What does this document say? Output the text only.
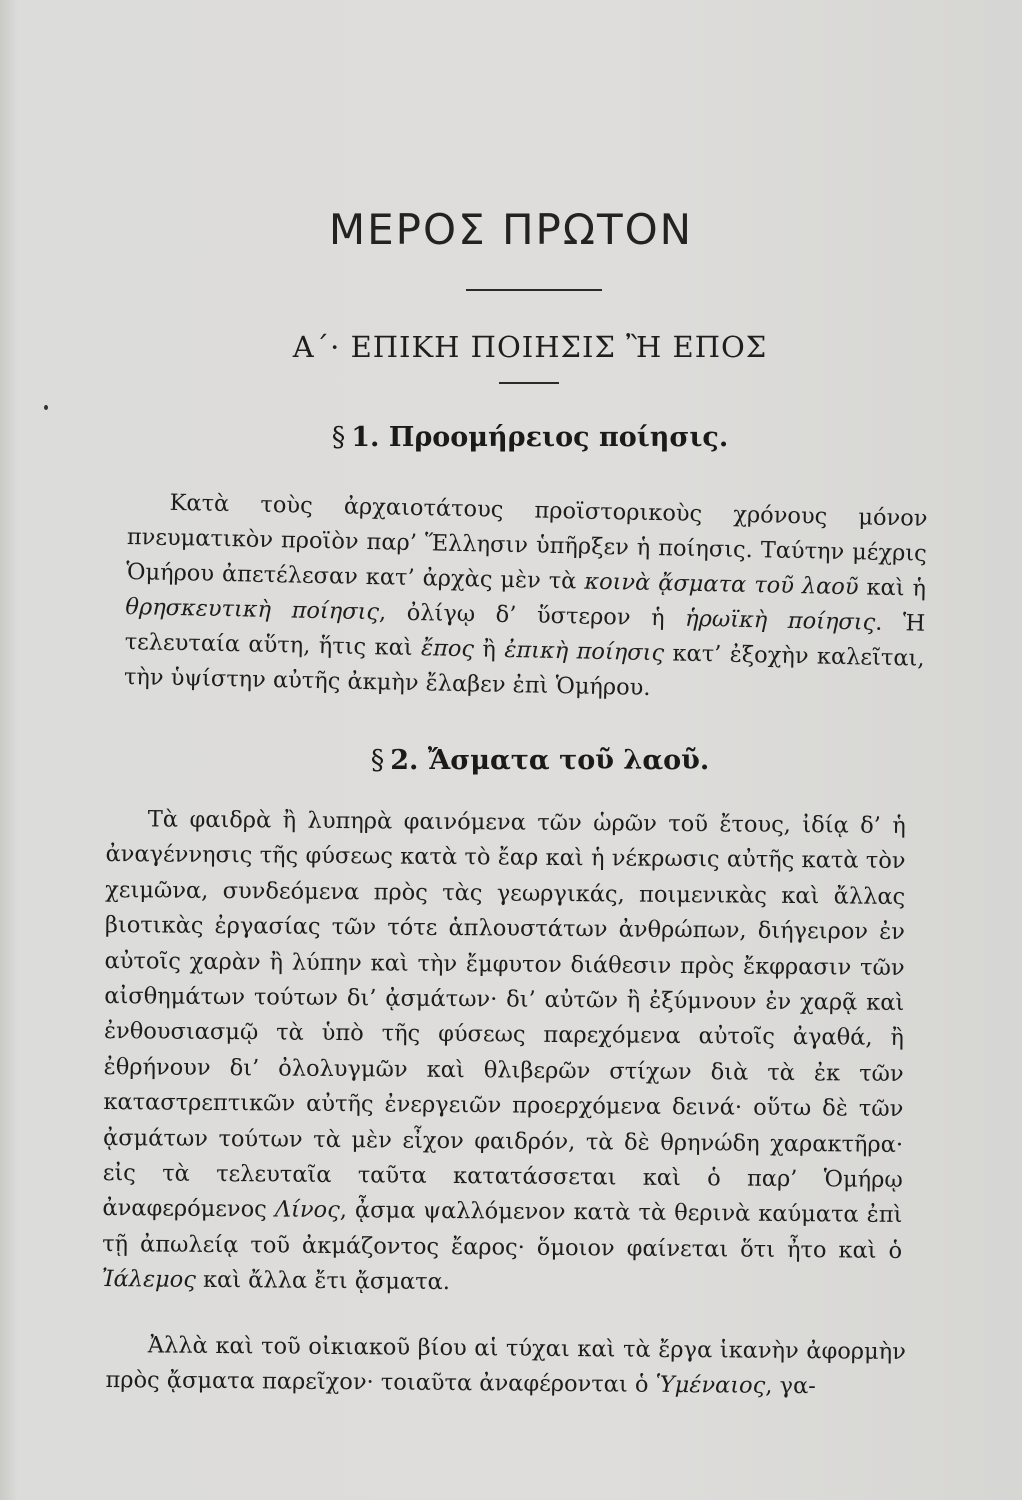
ΜΕΡΟΣ ΠΡΩΤΟΝ
Α΄· ΕΠΙΚΗ ΠΟΙΗΣΙΣ Ἢ ΕΠΟΣ
§ 1. Προομήρειος ποίησις.

Κατὰ τοὺς ἀρχαιοτάτους προϊστορικοὺς χρόνους μόνον πνευματικὸν προϊὸν παρ’ Ἕλλησιν ὑπῆρξεν ἡ ποίησις. Ταύτην μέχρις Ὁμήρου ἀπετέλεσαν κατ’ ἀρχὰς μὲν τὰ κοινὰ ᾄσματα τοῦ λαοῦ καὶ ἡ θρησκευτικὴ ποίησις, ὀλίγῳ δ’ ὕστερον ἡ ἡρωϊκὴ ποίησις. Ἡ τελευταία αὕτη, ἥτις καὶ ἔπος ἢ ἐπικὴ ποίησις κατ’ ἐξοχὴν καλεῖται, τὴν ὑψίστην αὐτῆς ἀκμὴν ἔλαβεν ἐπὶ Ὁμήρου.

§ 2. Ἄσματα τοῦ λαοῦ.

Τὰ φαιδρὰ ἢ λυπηρὰ φαινόμενα τῶν ὡρῶν τοῦ ἔτους, ἰδίᾳ δ’ ἡ ἀναγέννησις τῆς φύσεως κατὰ τὸ ἔαρ καὶ ἡ νέκρωσις αὐτῆς κατὰ τὸν χειμῶνα, συνδεόμενα πρὸς τὰς γεωργικάς, ποιμενικὰς καὶ ἄλλας βιοτικὰς ἐργασίας τῶν τότε ἁπλουστάτων ἀνθρώπων, διήγειρον ἐν αὐτοῖς χαρὰν ἢ λύπην καὶ τὴν ἔμφυτον διάθεσιν πρὸς ἔκφρασιν τῶν αἰσθημάτων τούτων δι’ ᾀσμάτων· δι’ αὐτῶν ἢ ἐξύμνουν ἐν χαρᾷ καὶ ἐνθουσιασμῷ τὰ ὑπὸ τῆς φύσεως παρεχόμενα αὐτοῖς ἀγαθά, ἢ ἐθρήνουν δι’ ὀλολυγμῶν καὶ θλιβερῶν στίχων διὰ τὰ ἐκ τῶν καταστρεπτικῶν αὐτῆς ἐνεργειῶν προερχόμενα δεινά· οὕτω δὲ τῶν ᾀσμάτων τούτων τὰ μὲν εἶχον φαιδρόν, τὰ δὲ θρηνώδη χαρακτῆρα· εἰς τὰ τελευταῖα ταῦτα κατατάσσεται καὶ ὁ παρ’ Ὁμήρῳ ἀναφερόμενος Λίνος, ᾆσμα ψαλλόμενον κατὰ τὰ θερινὰ καύματα ἐπὶ τῇ ἀπωλείᾳ τοῦ ἀκμάζοντος ἔαρος· ὅμοιον φαίνεται ὅτι ἦτο καὶ ὁ Ἰάλεμος καὶ ἄλλα ἔτι ᾄσματα.

Ἀλλὰ καὶ τοῦ οἰκιακοῦ βίου αἱ τύχαι καὶ τὰ ἔργα ἱκανὴν ἀφορμὴν πρὸς ᾄσματα παρεῖχον· τοιαῦτα ἀναφέρονται ὁ Ὑμέναιος, γα-
